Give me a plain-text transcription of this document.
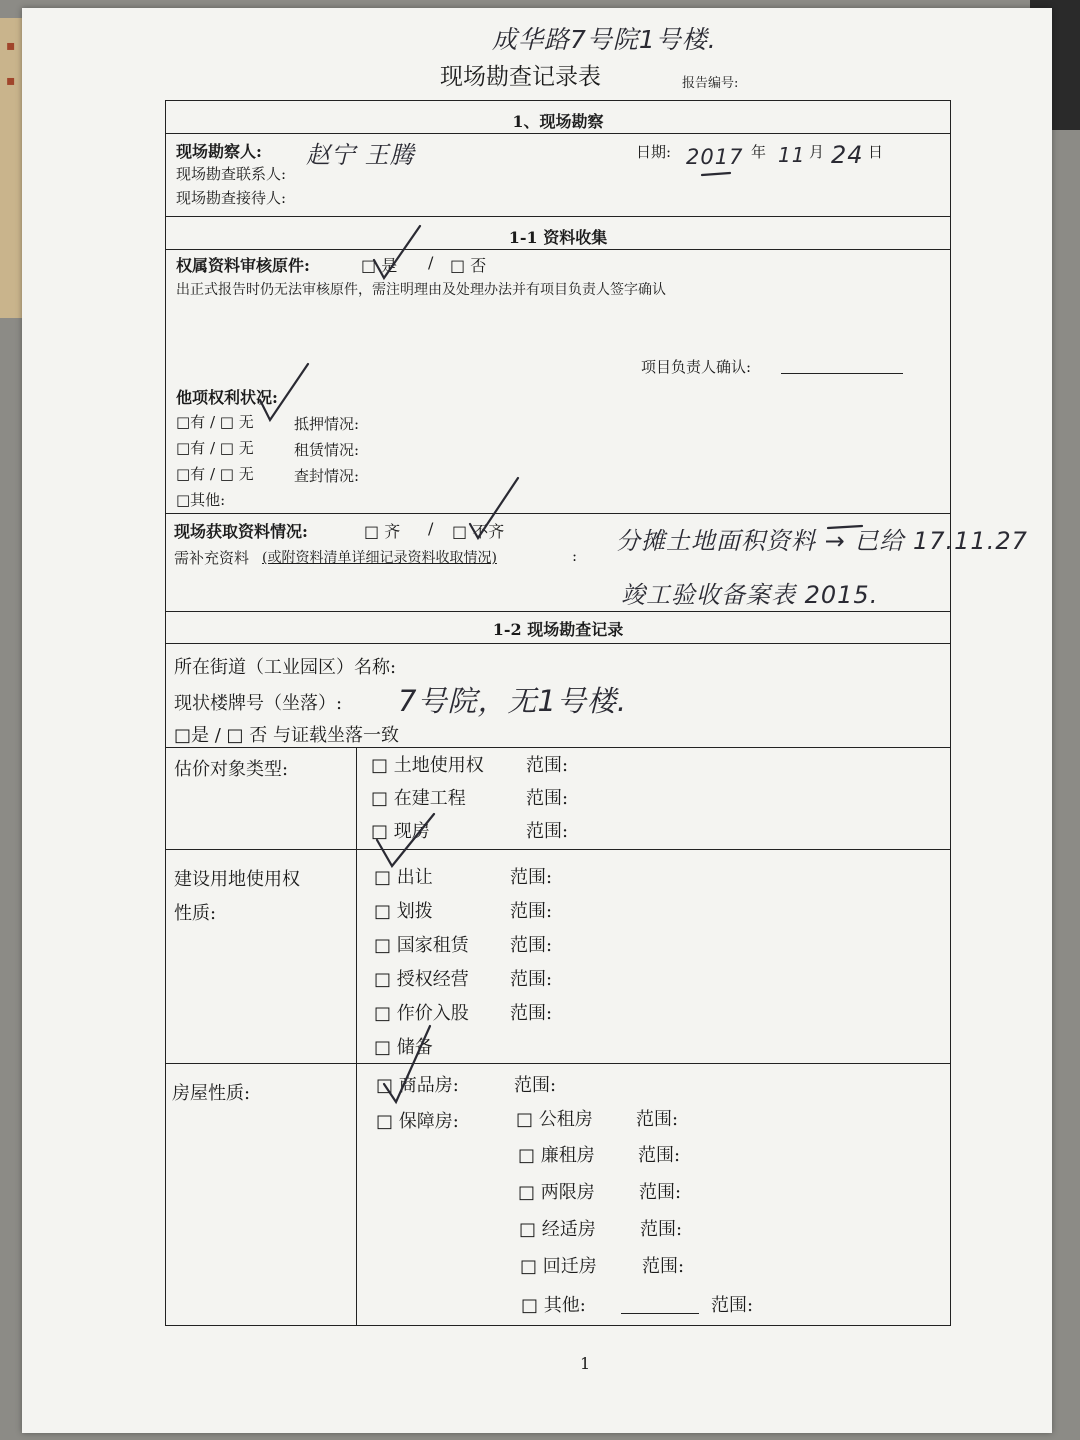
▪
▪
成华路7号院1号楼.
现场勘查记录表	报告编号:
1、现场勘察
现场勘察人: 赵宁 王腾
现场勘查联系人:
现场勘查接待人:
日期: 2017 年 11 月 24 日
1-1 资料收集
权属资料审核原件:	□ 是 / □ 否
出正式报告时仍无法审核原件，需注明理由及处理办法并有项目负责人签字确认
项目负责人确认:
他项权利状况:
□有 / □ 无	抵押情况:
□有 / □ 无	租赁情况:
□有 / □ 无	查封情况:
□其他:
现场获取资料情况:	□ 齐 / □ 不齐
需补充资料 (或附资料清单详细记录资料收取情况)	:
分摊土地面积资料 → 已给 17.11.27
竣工验收备案表 2015.
1-2 现场勘查记录
所在街道（工业园区）名称:
现状楼牌号（坐落）: 7号院，无1号楼.
□是 / □ 否 与证载坐落一致
估价对象类型:	□ 土地使用权 范围:
□ 在建工程	范围:
□ 现房	范围:
建设用地使用权
性质:
□ 出让	范围:
□ 划拨	范围:
□ 国家租赁 范围:
□ 授权经营 范围:
□ 作价入股 范围:
□ 储备
房屋性质:	□ 商品房:	范围:
□ 保障房:	□ 公租房 范围:
□ 廉租房 范围:
□ 两限房 范围:
□ 经适房 范围:
□ 回迁房	范围:
□ 其他:	范围:
1
